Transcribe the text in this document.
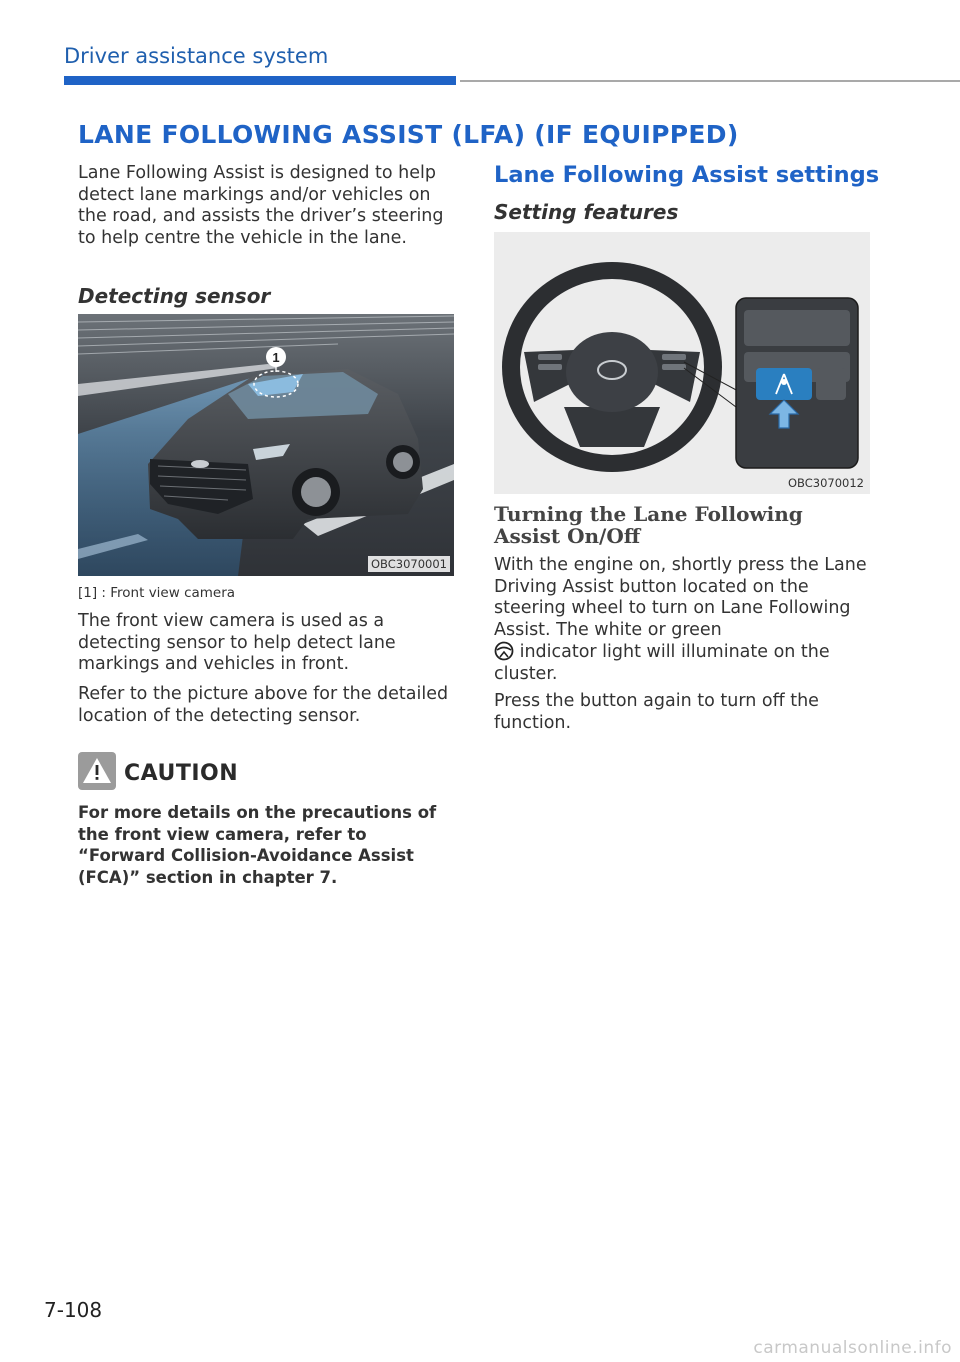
Driver assistance system
LANE FOLLOWING ASSIST (LFA) (IF EQUIPPED)
Lane Following Assist is designed to help detect lane markings and/or vehicles on the road, and assists the driver’s steering to help centre the vehicle in the lane.
Detecting sensor
1
OBC3070001
[1] : Front view camera
The front view camera is used as a detecting sensor to help detect lane markings and vehicles in front.
Refer to the picture above for the detailed location of the detecting sensor.
CAUTION
For more details on the precautions of the front view camera, refer to “Forward Collision-Avoidance Assist (FCA)” section in chapter 7.
Lane Following Assist settings
Setting features
OBC3070012
Turning the Lane Following Assist On/Off
With the engine on, shortly press the Lane Driving Assist button located on the steering wheel to turn on Lane Following Assist. The white or green
indicator light will illuminate on the cluster.
Press the button again to turn off the function.
7-108
carmanualsonline.info
